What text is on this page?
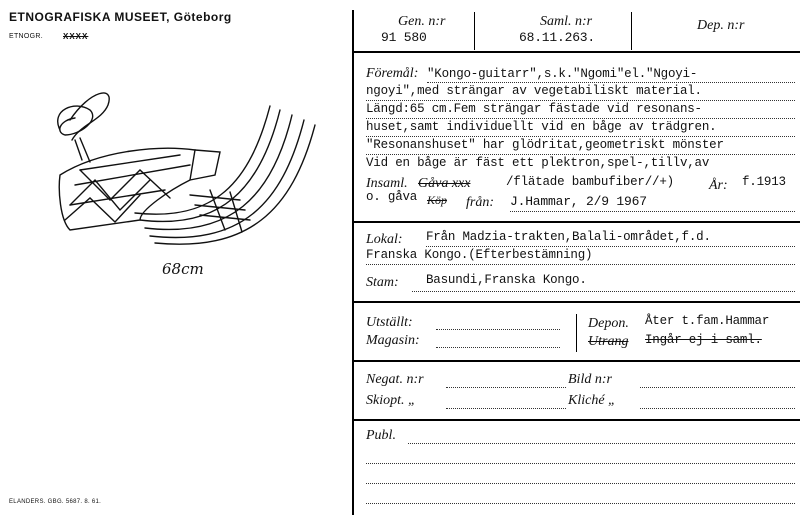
ETNOGRAFISKA MUSEET, Göteborg
ETNOGR.	XXXX
68cm
ELANDERS. GBG. 5687. 8. 61.
Gen. n:r
91 580
Saml. n:r
68.11.263.
Dep. n:r
Föremål: "Kongo-guitarr",s.k."Ngomi"el."Ngoyi-
ngoyi",med strängar av vegetabiliskt material.
Längd:65 cm.Fem strängar fästade vid resonans-
huset,samt individuellt vid en båge av trädgren.
"Resonanshuset" har glödritat,geometriskt mönster
Vid en båge är fäst ett plektron,spel-,tillv,av
Insaml. Gåva xxx	/flätade bambufiber//+)	År: f.1913
o. gåva Köp från: J.Hammar, 2/9 1967
Lokal: Från Madzia-trakten,Balali-området,f.d.
Franska Kongo.(Efterbestämning)
Stam: Basundi,Franska Kongo.
Utställt:
Magasin:
Depon. Åter t.fam.Hammar
Utrang Ingår ej i saml.
Negat. n:r	Bild n:r
Skiopt. „	Kliché „
Publ.
